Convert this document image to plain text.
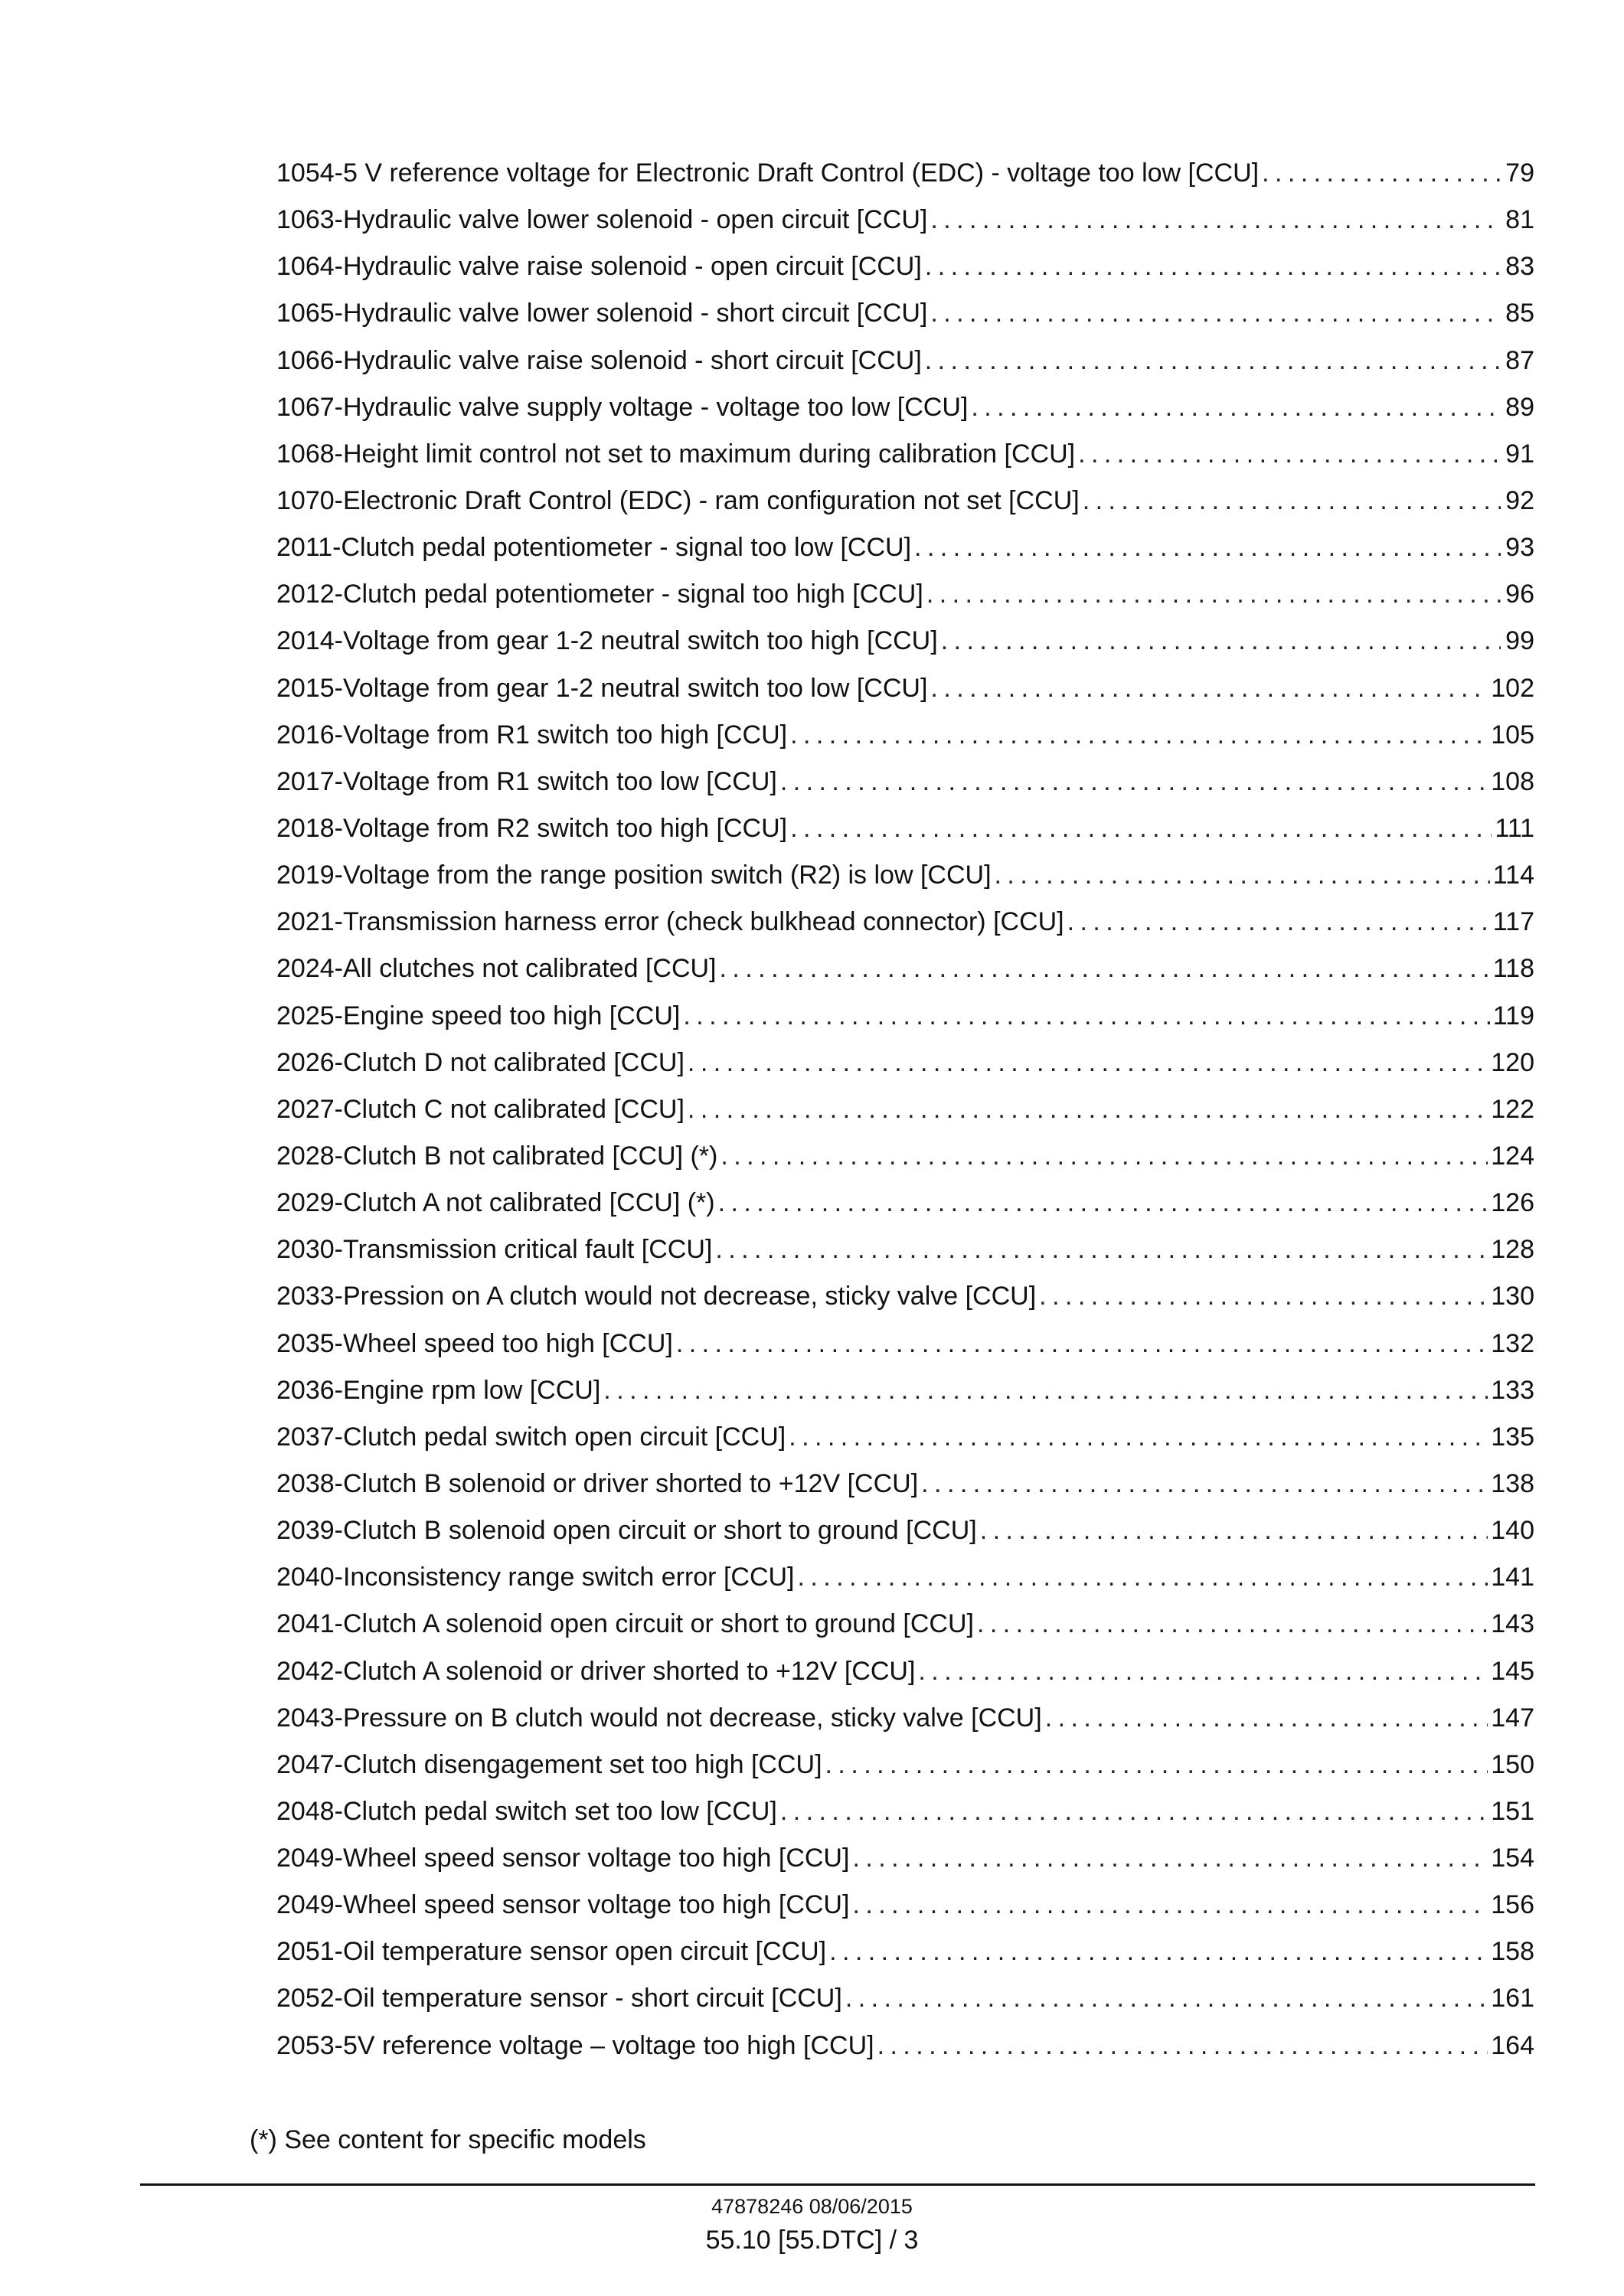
1054-5 V reference voltage for Electronic Draft Control (EDC) - voltage too low [CCU] . . .	79
1063-Hydraulic valve lower solenoid - open circuit [CCU] . . .	81
1064-Hydraulic valve raise solenoid - open circuit [CCU] . . .	83
1065-Hydraulic valve lower solenoid - short circuit [CCU] . . .	85
1066-Hydraulic valve raise solenoid - short circuit [CCU] . . .	87
1067-Hydraulic valve supply voltage - voltage too low [CCU] . . .	89
1068-Height limit control not set to maximum during calibration [CCU] . . .	91
1070-Electronic Draft Control (EDC) - ram configuration not set [CCU] . . .	92
2011-Clutch pedal potentiometer - signal too low [CCU] . . .	93
2012-Clutch pedal potentiometer - signal too high [CCU] . . .	96
2014-Voltage from gear 1-2 neutral switch too high [CCU] . . .	99
2015-Voltage from gear 1-2 neutral switch too low [CCU] . . .	102
2016-Voltage from R1 switch too high [CCU] . . .	105
2017-Voltage from R1 switch too low [CCU] . . .	108
2018-Voltage from R2 switch too high [CCU] . . .	111
2019-Voltage from the range position switch (R2) is low [CCU] . . .	114
2021-Transmission harness error (check bulkhead connector) [CCU] . . .	117
2024-All clutches not calibrated [CCU] . . .	118
2025-Engine speed too high [CCU] . . .	119
2026-Clutch D not calibrated [CCU] . . .	120
2027-Clutch C not calibrated [CCU] . . .	122
2028-Clutch B not calibrated [CCU] (*) . . .	124
2029-Clutch A not calibrated [CCU] (*) . . .	126
2030-Transmission critical fault [CCU] . . .	128
2033-Pression on A clutch would not decrease, sticky valve [CCU] . . .	130
2035-Wheel speed too high [CCU] . . .	132
2036-Engine rpm low [CCU] . . .	133
2037-Clutch pedal switch open circuit [CCU] . . .	135
2038-Clutch B solenoid or driver shorted to +12V [CCU] . . .	138
2039-Clutch B solenoid open circuit or short to ground [CCU] . . .	140
2040-Inconsistency range switch error [CCU] . . .	141
2041-Clutch A solenoid open circuit or short to ground [CCU] . . .	143
2042-Clutch A solenoid or driver shorted to +12V [CCU] . . .	145
2043-Pressure on B clutch would not decrease, sticky valve [CCU] . . .	147
2047-Clutch disengagement set too high [CCU] . . .	150
2048-Clutch pedal switch set too low [CCU] . . .	151
2049-Wheel speed sensor voltage too high [CCU] . . .	154
2049-Wheel speed sensor voltage too high [CCU] . . .	156
2051-Oil temperature sensor open circuit [CCU] . . .	158
2052-Oil temperature sensor - short circuit [CCU] . . .	161
2053-5V reference voltage – voltage too high [CCU] . . .	164
(*) See content for specific models
47878246 08/06/2015
55.10 [55.DTC] / 3
